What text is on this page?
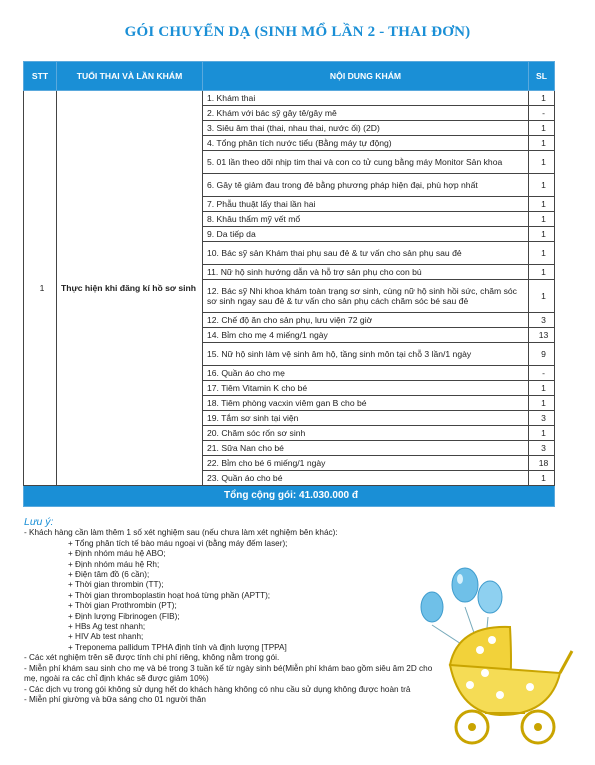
GÓI CHUYỂN DẠ (SINH MỔ LẦN 2 - THAI ĐƠN)
STT	TUỔI THAI VÀ LẦN KHÁM	NỘI DUNG KHÁM	SL
1	Thực hiện khi đăng kí hồ sơ sinh	1. Khám thai	1
		2. Khám với bác sỹ gây tê/gây mê	-
		3. Siêu âm thai (thai, nhau thai, nước ối) (2D)	1
		4. Tổng phân tích nước tiểu (Bằng máy tự động)	1
		5. 01 lần theo dõi nhịp tim thai và con co tử cung bằng máy Monitor Sản khoa	1
		6. Gây tê giảm đau trong đẻ bằng phương pháp hiện đại, phù hợp nhất	1
		7. Phẫu thuật lấy thai lần hai	1
		8. Khâu thẩm mỹ vết mổ	1
		9. Da tiếp da	1
		10. Bác sỹ sản Khám thai phụ sau đẻ & tư vấn cho sản phụ sau đẻ	1
		11. Nữ hộ sinh hướng dẫn và hỗ trợ sản phụ cho con bú	1
		12. Bác sỹ Nhi khoa khám toàn trạng sơ sinh, cùng nữ hộ sinh hồi sức, chăm sóc sơ sinh ngay sau đẻ & tư vấn cho sản phụ cách chăm sóc bé sau đẻ	1
		12. Chế độ ăn cho sản phụ, lưu viện 72 giờ	3
		14. Bỉm cho mẹ 4 miếng/1 ngày	13
		15. Nữ hộ sinh làm vệ sinh âm hộ, tầng sinh môn tại chỗ 3 lần/1 ngày	9
		16. Quần áo cho mẹ	-
		17. Tiêm Vitamin K cho bé	1
		18. Tiêm phòng vacxin viêm gan B cho bé	1
		19. Tắm sơ sinh tại viện	3
		20. Chăm sóc rốn sơ sinh	1
		21. Sữa Nan cho bé	3
		22. Bỉm cho bé 6 miếng/1 ngày	18
		23. Quần áo cho bé	1
Tổng cộng gói: 41.030.000 đ			
Lưu ý:
- Khách hàng cần làm thêm 1 số xét nghiệm sau (nếu chưa làm xét nghiệm bên khác):
+ Tổng phân tích tế bào máu ngoại vi (bằng máy đếm laser);
+ Định nhóm máu hệ ABO;
+ Định nhóm máu hệ Rh;
+ Điện tâm đồ (6 cần);
+ Thời gian thrombin (TT);
+ Thời gian thromboplastin hoạt hoá từng phần (APTT);
+ Thời gian Prothrombin (PT);
+ Định lượng Fibrinogen (FIB);
+ HBs Ag test nhanh;
+ HIV Ab test nhanh;
+ Treponema pallidum TPHA định tính và định lượng [TPPA]
- Các xét nghiệm trên sẽ được tính chi phí riêng, không nằm trong gói.
- Miễn phí khám sau sinh cho mẹ và bé trong 3 tuần kể từ ngày sinh bé(Miễn phí khám bao gồm siêu âm 2D cho
mẹ, ngoài ra các chỉ định khác sẽ được giảm 10%)
- Các dịch vụ trong gói không sử dụng hết do khách hàng không có nhu cầu sử dụng không được hoàn trả
- Miễn phí giường và bữa sáng cho 01 người thân
